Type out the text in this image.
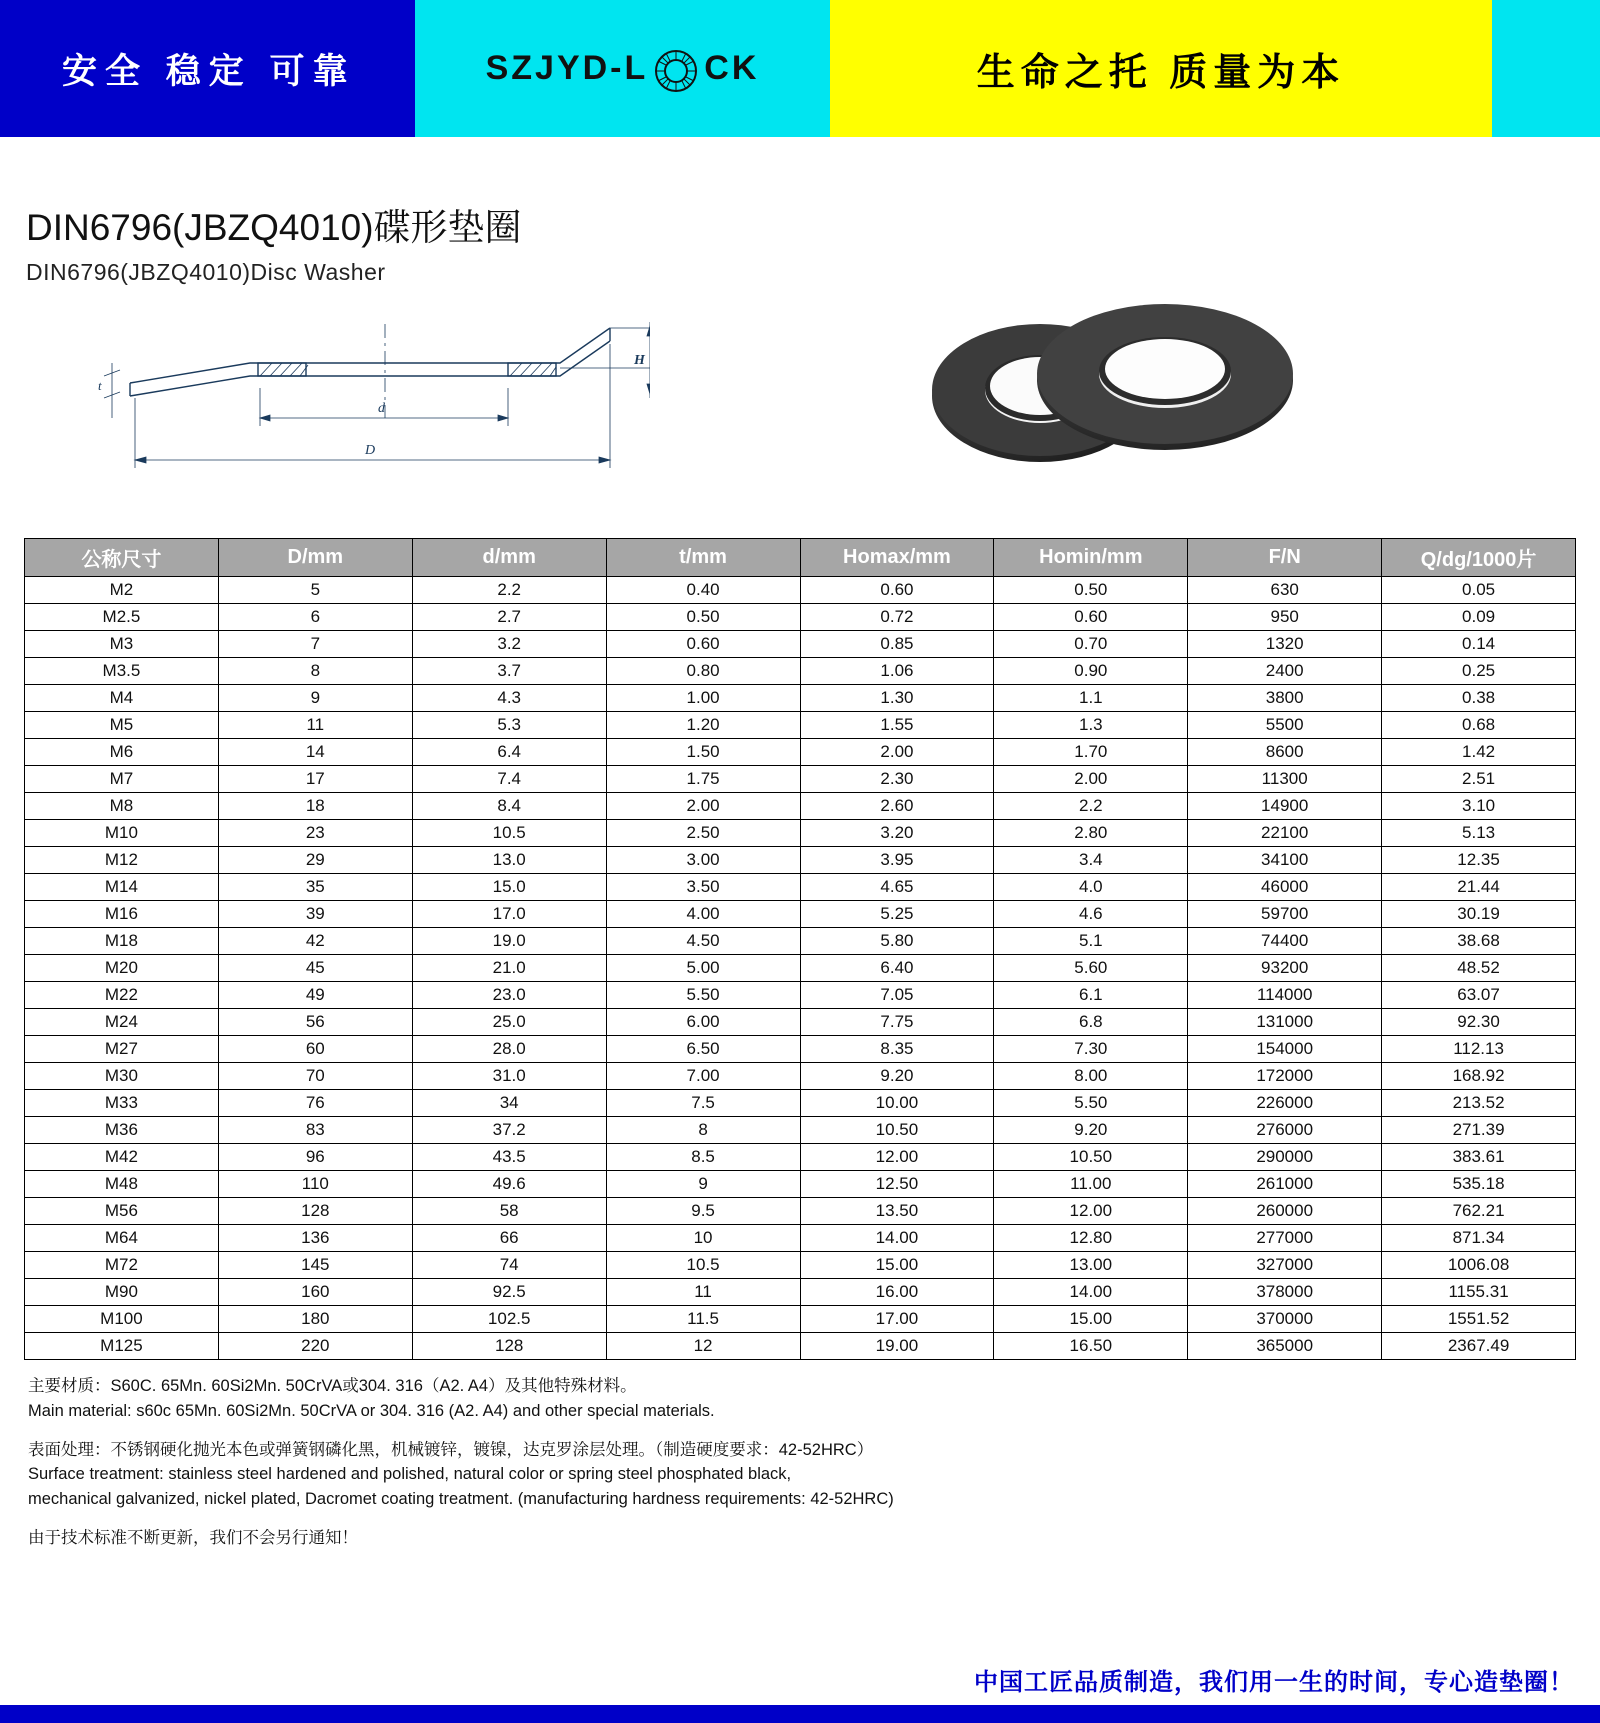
安全 稳定 可靠	SZJYD-L CK	生命之托 质量为本
DIN6796(JBZQ4010)碟形垫圈
DIN6796(JBZQ4010)Disc Washer
t
d
D
H
公称尺寸	D/mm	d/mm	t/mm	Homax/mm	Homin/mm	F/N	Q/dg/1000片
M2	5	2.2	0.40	0.60	0.50	630	0.05
M2.5	6	2.7	0.50	0.72	0.60	950	0.09
M3	7	3.2	0.60	0.85	0.70	1320	0.14
M3.5	8	3.7	0.80	1.06	0.90	2400	0.25
M4	9	4.3	1.00	1.30	1.1	3800	0.38
M5	11	5.3	1.20	1.55	1.3	5500	0.68
M6	14	6.4	1.50	2.00	1.70	8600	1.42
M7	17	7.4	1.75	2.30	2.00	11300	2.51
M8	18	8.4	2.00	2.60	2.2	14900	3.10
M10	23	10.5	2.50	3.20	2.80	22100	5.13
M12	29	13.0	3.00	3.95	3.4	34100	12.35
M14	35	15.0	3.50	4.65	4.0	46000	21.44
M16	39	17.0	4.00	5.25	4.6	59700	30.19
M18	42	19.0	4.50	5.80	5.1	74400	38.68
M20	45	21.0	5.00	6.40	5.60	93200	48.52
M22	49	23.0	5.50	7.05	6.1	114000	63.07
M24	56	25.0	6.00	7.75	6.8	131000	92.30
M27	60	28.0	6.50	8.35	7.30	154000	112.13
M30	70	31.0	7.00	9.20	8.00	172000	168.92
M33	76	34	7.5	10.00	5.50	226000	213.52
M36	83	37.2	8	10.50	9.20	276000	271.39
M42	96	43.5	8.5	12.00	10.50	290000	383.61
M48	110	49.6	9	12.50	11.00	261000	535.18
M56	128	58	9.5	13.50	12.00	260000	762.21
M64	136	66	10	14.00	12.80	277000	871.34
M72	145	74	10.5	15.00	13.00	327000	1006.08
M90	160	92.5	11	16.00	14.00	378000	1155.31
M100	180	102.5	11.5	17.00	15.00	370000	1551.52
M125	220	128	12	19.00	16.50	365000	2367.49

主要材质：S60C. 65Mn. 60Si2Mn. 50CrVA或304. 316（A2. A4）及其他特殊材料。
Main material: s60c 65Mn. 60Si2Mn. 50CrVA or 304. 316 (A2. A4) and other special materials.

表面处理：不锈钢硬化抛光本色或弹簧钢磷化黑，机械镀锌，镀镍，达克罗涂层处理。（制造硬度要求：42-52HRC）
Surface treatment: stainless steel hardened and polished, natural color or spring steel phosphated black,
mechanical galvanized, nickel plated, Dacromet coating treatment. (manufacturing hardness requirements: 42-52HRC)

由于技术标准不断更新，我们不会另行通知！

中国工匠品质制造，我们用一生的时间，专心造垫圈！
